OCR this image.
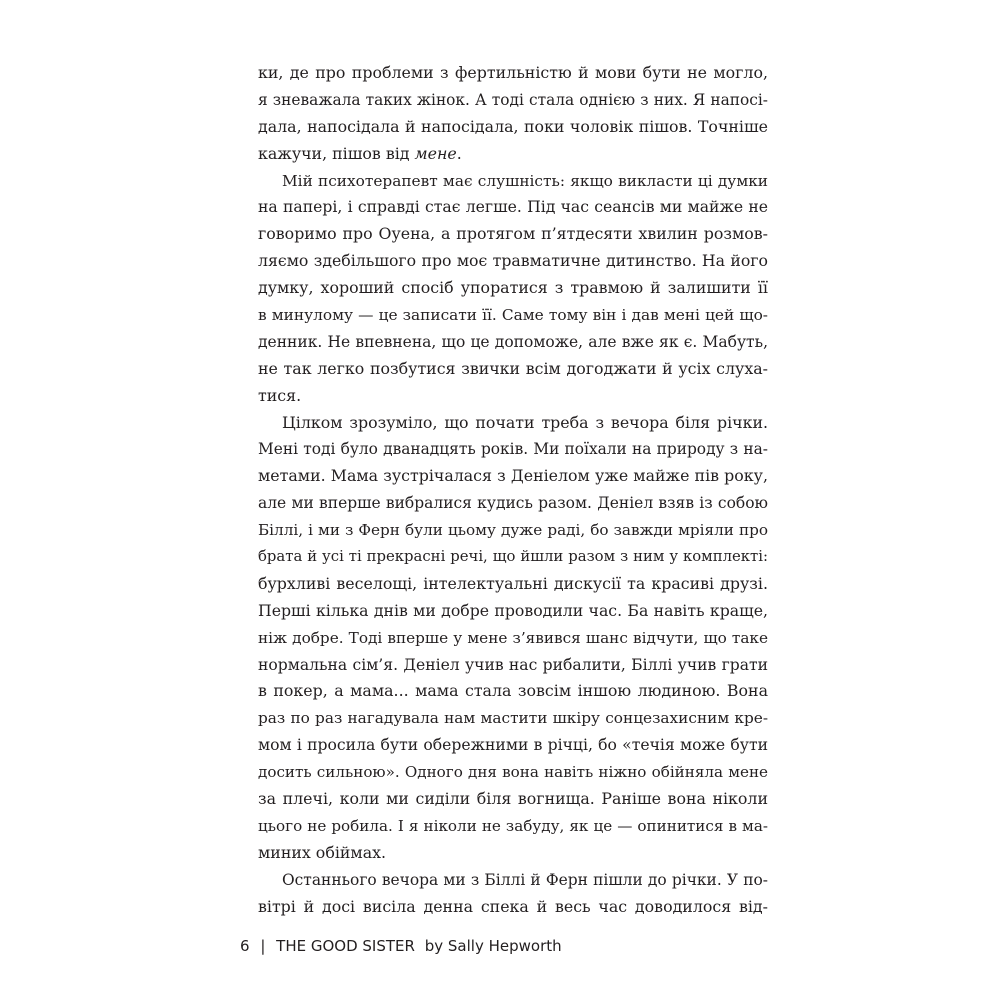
ки, де про проблеми з фертильністю й мови бути не могло,
я зневажала таких жінок. А тоді стала однією з них. Я напосі-
дала, напосідала й напосідала, поки чоловік пішов. Точніше
кажучи, пішов від мене.
Мій психотерапевт має слушність: якщо викласти ці думки
на папері, і справді стає легше. Під час сеансів ми майже не
говоримо про Оуена, а протягом п’ятдесяти хвилин розмов-
ляємо здебільшого про моє травматичне дитинство. На його
думку, хороший спосіб упоратися з травмою й залишити її
в минулому — це записати її. Саме тому він і дав мені цей що-
денник. Не впевнена, що це допоможе, але вже як є. Мабуть,
не так легко позбутися звички всім догоджати й усіх слуха-
тися.
Цілком зрозуміло, що почати треба з вечора біля річки.
Мені тоді було дванадцять років. Ми поїхали на природу з на-
метами. Мама зустрічалася з Деніелом уже майже пів року,
але ми вперше вибралися кудись разом. Деніел взяв із собою
Біллі, і ми з Ферн були цьому дуже раді, бо завжди мріяли про
брата й усі ті прекрасні речі, що йшли разом з ним у комплекті:
бурхливі веселощі, інтелектуальні дискусії та красиві друзі.
Перші кілька днів ми добре проводили час. Ба навіть краще,
ніж добре. Тоді вперше у мене з’явився шанс відчути, що таке
нормальна сім’я. Деніел учив нас рибалити, Біллі учив грати
в покер, а мама... мама стала зовсім іншою людиною. Вона
раз по раз нагадувала нам мастити шкіру сонцезахисним кре-
мом і просила бути обережними в річці, бо «течія може бути
досить сильною». Одного дня вона навіть ніжно обійняла мене
за плечі, коли ми сиділи біля вогнища. Раніше вона ніколи
цього не робила. І я ніколи не забуду, як це — опинитися в ма-
миних обіймах.
Останнього вечора ми з Біллі й Ферн пішли до річки. У по-
вітрі й досі висіла денна спека й весь час доводилося від-
6 | THE GOOD SISTER by Sally Hepworth
